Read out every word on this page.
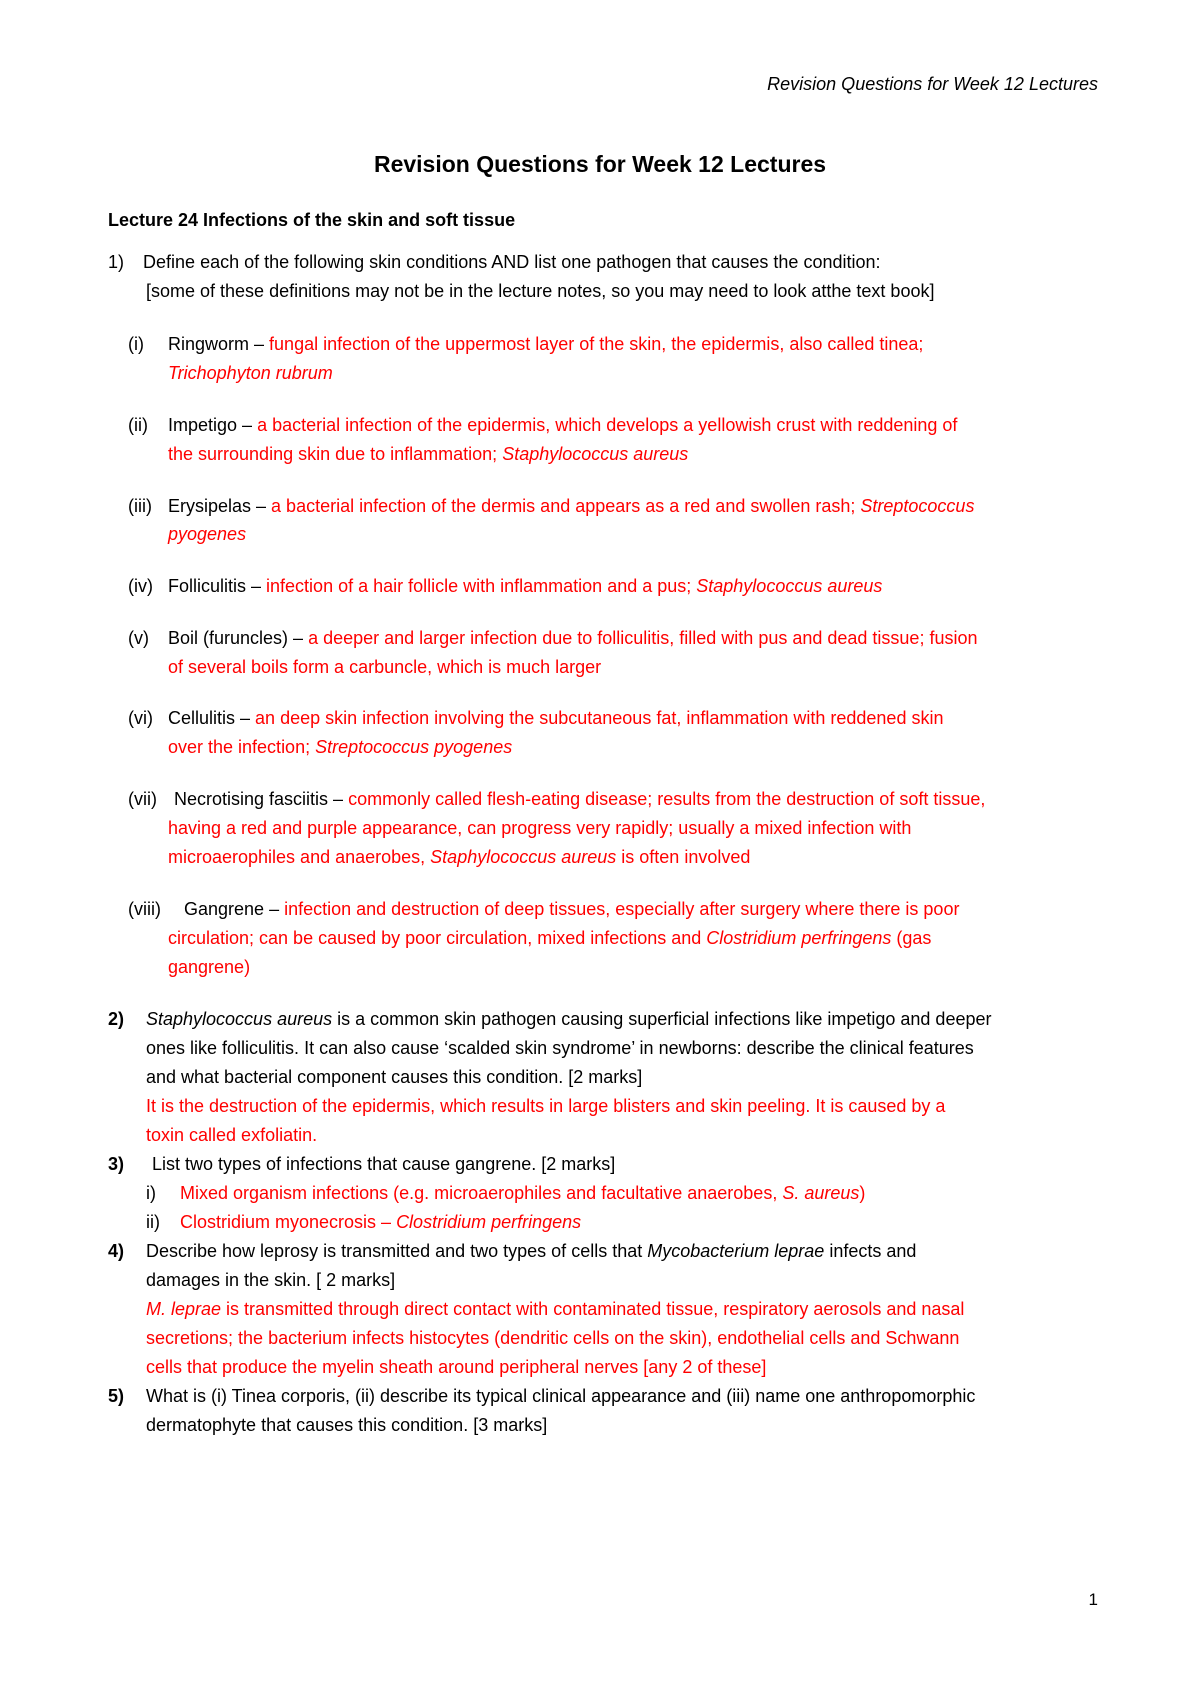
Revision Questions for Week 12 Lectures
Revision Questions for Week 12 Lectures
Lecture 24 Infections of the skin and soft tissue
1) Define each of the following skin conditions AND list one pathogen that causes the condition:
[some of these definitions may not be in the lecture notes, so you may need to look atthe text book]
(i) Ringworm – fungal infection of the uppermost layer of the skin, the epidermis, also called tinea;
Trichophyton rubrum
(ii) Impetigo – a bacterial infection of the epidermis, which develops a yellowish crust with reddening of
the surrounding skin due to inflammation; Staphylococcus aureus
(iii) Erysipelas – a bacterial infection of the dermis and appears as a red and swollen rash; Streptococcus
pyogenes
(iv) Folliculitis – infection of a hair follicle with inflammation and a pus; Staphylococcus aureus
(v) Boil (furuncles) – a deeper and larger infection due to folliculitis, filled with pus and dead tissue; fusion
of several boils form a carbuncle, which is much larger
(vi) Cellulitis – an deep skin infection involving the subcutaneous fat, inflammation with reddened skin
over the infection; Streptococcus pyogenes
(vii) Necrotising fasciitis – commonly called flesh-eating disease; results from the destruction of soft tissue,
having a red and purple appearance, can progress very rapidly; usually a mixed infection with
microaerophiles and anaerobes, Staphylococcus aureus is often involved
(viii) Gangrene – infection and destruction of deep tissues, especially after surgery where there is poor
circulation; can be caused by poor circulation, mixed infections and Clostridium perfringens (gas
gangrene)
2) Staphylococcus aureus is a common skin pathogen causing superficial infections like impetigo and deeper
ones like folliculitis. It can also cause ‘scalded skin syndrome’ in newborns: describe the clinical features
and what bacterial component causes this condition. [2 marks]
It is the destruction of the epidermis, which results in large blisters and skin peeling. It is caused by a
toxin called exfoliatin.
3) List two types of infections that cause gangrene. [2 marks]
i) Mixed organism infections (e.g. microaerophiles and facultative anaerobes, S. aureus)
ii) Clostridium myonecrosis – Clostridium perfringens
4) Describe how leprosy is transmitted and two types of cells that Mycobacterium leprae infects and
damages in the skin. [ 2 marks]
M. leprae is transmitted through direct contact with contaminated tissue, respiratory aerosols and nasal
secretions; the bacterium infects histocytes (dendritic cells on the skin), endothelial cells and Schwann
cells that produce the myelin sheath around peripheral nerves [any 2 of these]
5) What is (i) Tinea corporis, (ii) describe its typical clinical appearance and (iii) name one anthropomorphic
dermatophyte that causes this condition. [3 marks]
1
